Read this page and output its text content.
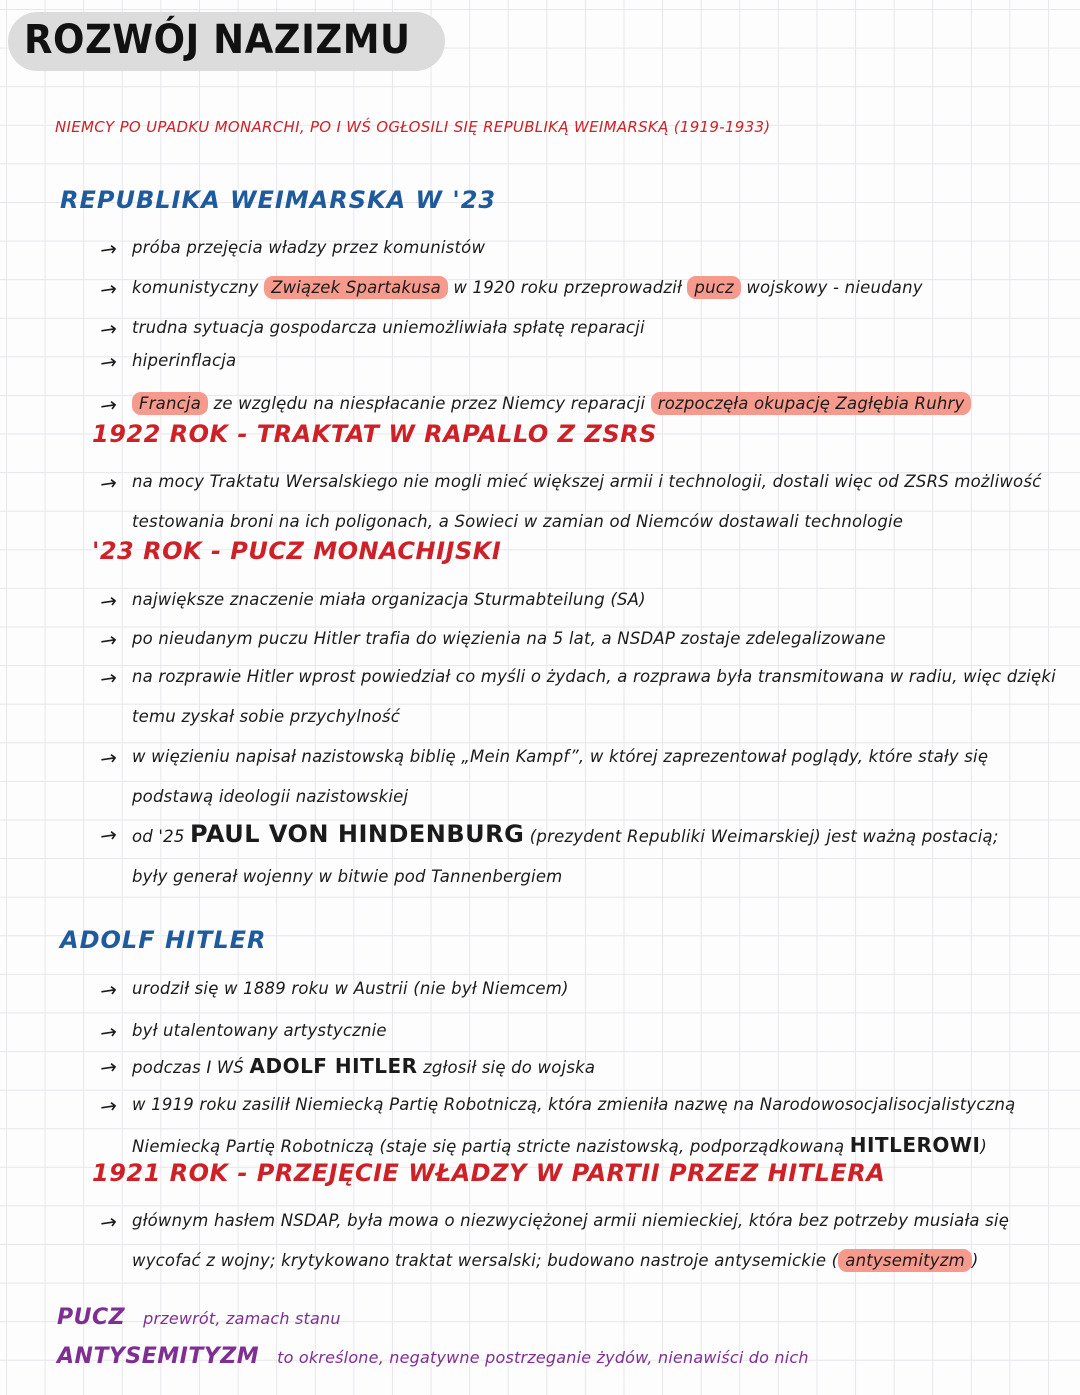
ROZWÓJ NAZIZMU
NIEMCY PO UPADKU MONARCHI, PO I WŚ OGŁOSILI SIĘ REPUBLIKĄ WEIMARSKĄ (1919-1933)
REPUBLIKA WEIMARSKA W '23
→ próba przejęcia władzy przez komunistów
→ komunistyczny Związek Spartakusa w 1920 roku przeprowadził pucz wojskowy - nieudany
→ trudna sytuacja gospodarcza uniemożliwiała spłatę reparacji
→ hiperinflacja
→	Francja ze względu na niespłacanie przez Niemcy reparacji rozpoczęła okupację Zagłębia Ruhry
1922 ROK - TRAKTAT W RAPALLO Z ZSRS
→ na mocy Traktatu Wersalskiego nie mogli mieć większej armii i technologii, dostali więc od ZSRS możliwość testowania broni na ich poligonach, a Sowieci w zamian od Niemców dostawali technologie
'23 ROK - PUCZ MONACHIJSKI
→ największe znaczenie miała organizacja Sturmabteilung (SA)
→ po nieudanym puczu Hitler trafia do więzienia na 5 lat, a NSDAP zostaje zdelegalizowane
→ na rozprawie Hitler wprost powiedział co myśli o żydach, a rozprawa była transmitowana w radiu, więc dzięki temu zyskał sobie przychylność
→ w więzieniu napisał nazistowską biblię „Mein Kampf”, w której zaprezentował poglądy, które stały się podstawą ideologii nazistowskiej
→ od '25 PAUL VON HINDENBURG (prezydent Republiki Weimarskiej) jest ważną postacią; były generał wojenny w bitwie pod Tannenbergiem
ADOLF HITLER
→ urodził się w 1889 roku w Austrii (nie był Niemcem)
→ był utalentowany artystycznie
→ podczas I WŚ ADOLF HITLER zgłosił się do wojska
→ w 1919 roku zasilił Niemiecką Partię Robotniczą, która zmieniła nazwę na Narodowosocjalisocjalistyczną Niemiecką Partię Robotniczą (staje się partią stricte nazistowską, podporządkowaną HITLEROWI)
1921 ROK - PRZEJĘCIE WŁADZY W PARTII PRZEZ HITLERA
→ głównym hasłem NSDAP, była mowa o niezwyciężonej armii niemieckiej, która bez potrzeby musiała się wycofać z wojny; krytykowano traktat wersalski; budowano nastroje antysemickie ( antysemityzm )
PUCZ przewrót, zamach stanu
ANTYSEMITYZM to określone, negatywne postrzeganie żydów, nienawiści do nich
